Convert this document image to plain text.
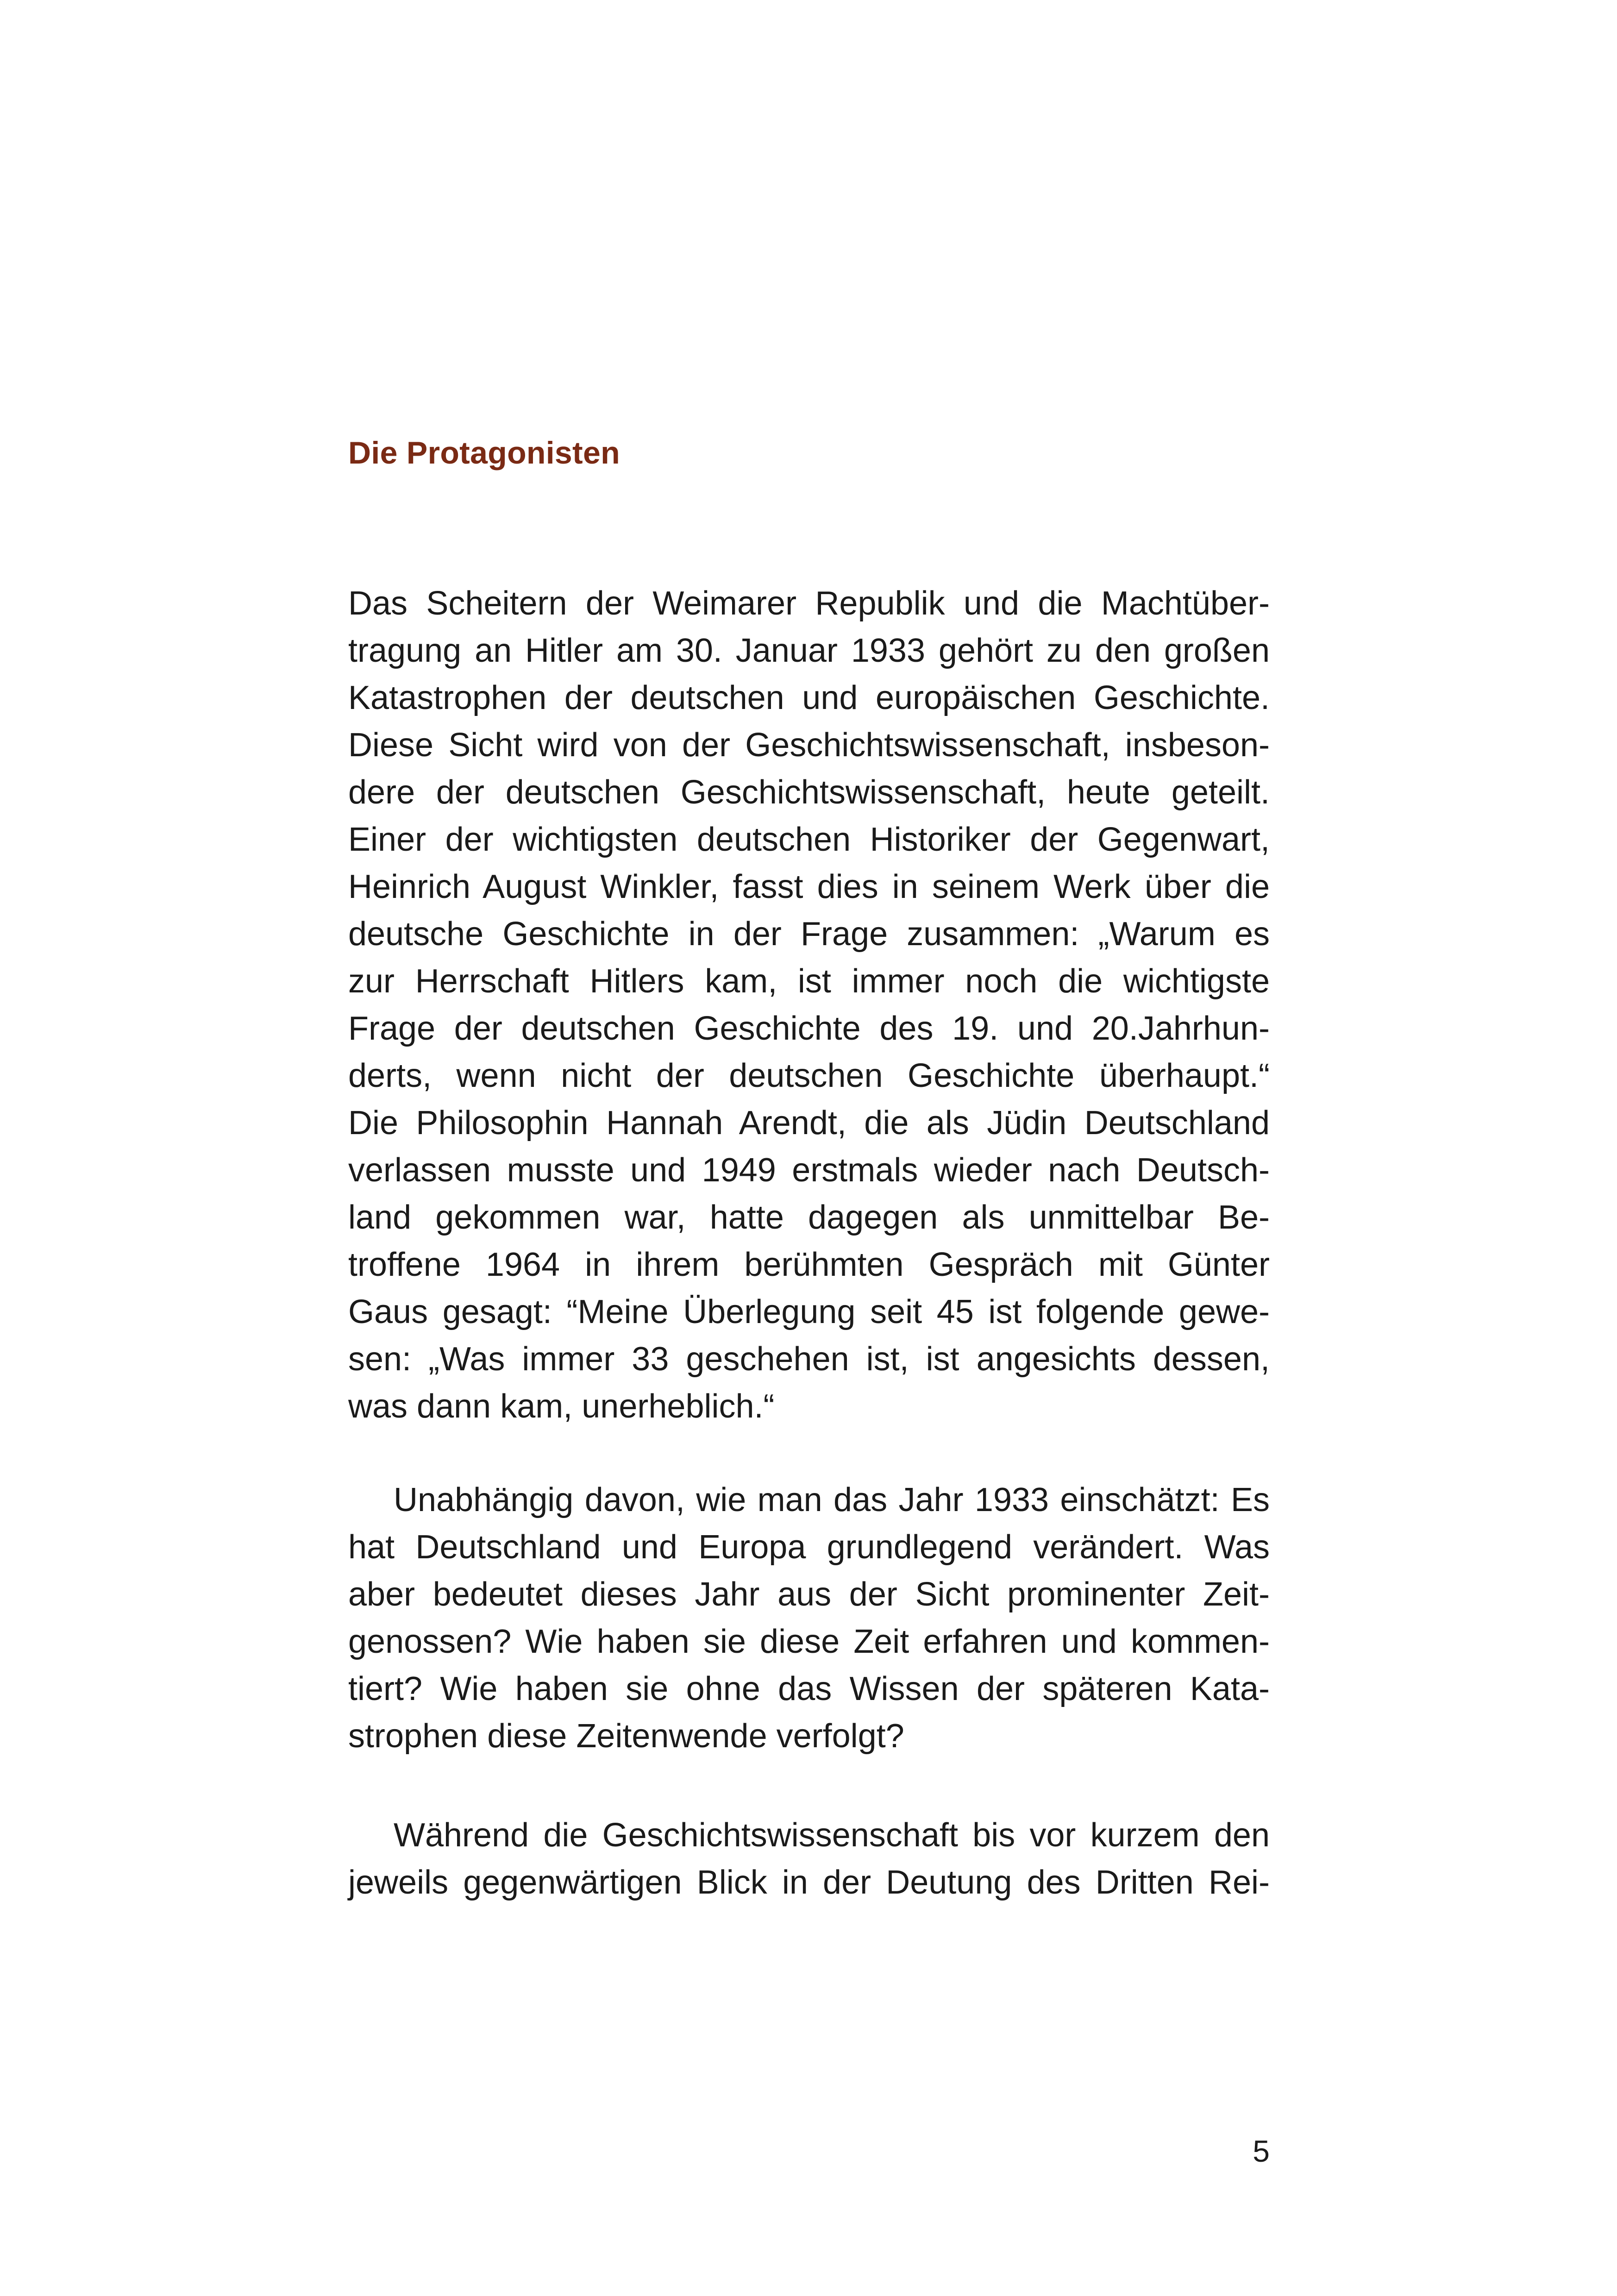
Die Protagonisten
Das Scheitern der Weimarer Republik und die Machtüber-
tragung an Hitler am 30. Januar 1933 gehört zu den großen
Katastrophen der deutschen und europäischen Geschichte.
Diese Sicht wird von der Geschichtswissenschaft, insbeson-
dere der deutschen Geschichtswissenschaft, heute geteilt.
Einer der wichtigsten deutschen Historiker der Gegenwart,
Heinrich August Winkler, fasst dies in seinem Werk über die
deutsche Geschichte in der Frage zusammen: „Warum es
zur Herrschaft Hitlers kam, ist immer noch die wichtigste
Frage der deutschen Geschichte des 19. und 20.Jahrhun-
derts, wenn nicht der deutschen Geschichte überhaupt.“
Die Philosophin Hannah Arendt, die als Jüdin Deutschland
verlassen musste und 1949 erstmals wieder nach Deutsch-
land gekommen war, hatte dagegen als unmittelbar Be-
troffene 1964 in ihrem berühmten Gespräch mit Günter
Gaus gesagt: “Meine Überlegung seit 45 ist folgende gewe-
sen: „Was immer 33 geschehen ist, ist angesichts dessen,
was dann kam, unerheblich.“
Unabhängig davon, wie man das Jahr 1933 einschätzt: Es
hat Deutschland und Europa grundlegend verändert. Was
aber bedeutet dieses Jahr aus der Sicht prominenter Zeit-
genossen? Wie haben sie diese Zeit erfahren und kommen-
tiert? Wie haben sie ohne das Wissen der späteren Kata-
strophen diese Zeitenwende verfolgt?
Während die Geschichtswissenschaft bis vor kurzem den
jeweils gegenwärtigen Blick in der Deutung des Dritten Rei-

5
